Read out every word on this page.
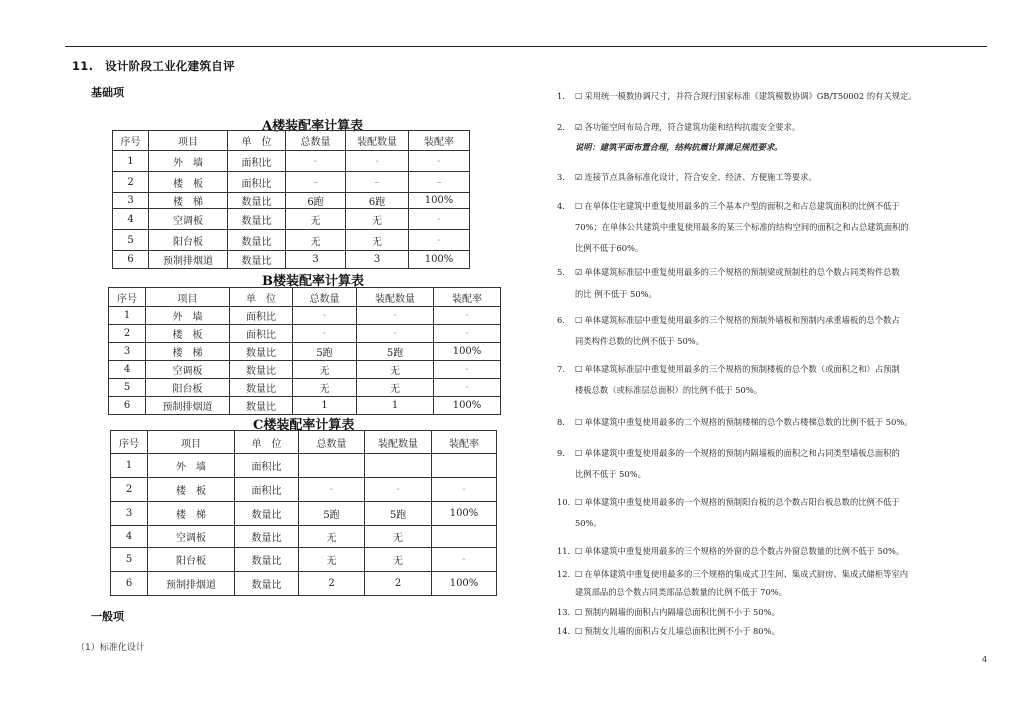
11.　设计阶段工业化建筑自评
基础项
A楼装配率计算表
序号	项目	单　位	总数量	装配数量	装配率
1	外　墙	面积比	-	-	-
2	楼　板	面积比	–	–	–
3	楼　梯	数量比	6跑	6跑	100%
4	空调板	数量比	无	无	-
5	阳台板	数量比	无	无	-
6	预制排烟道	数量比	3	3	100%
B楼装配率计算表
序号	项目	单　位	总数量	装配数量	装配率
1	外　墙	面积比	-	-	-
2	楼　板	面积比	-	-	-
3	楼　梯	数量比	5跑	5跑	100%
4	空调板	数量比	无	无	-
5	阳台板	数量比	无	无	-
6	预制排烟道	数量比	1	1	100%
C楼装配率计算表
序号	项目	单　位	总数量	装配数量	装配率
1	外　墙	面积比			
2	楼　板	面积比	-	-	-
3	楼　梯	数量比	5跑	5跑	100%
4	空调板	数量比	无	无	
5	阳台板	数量比	无	无	-
6	预制排烟道	数量比	2	2	100%
一般项
（1）标准化设计
1. ☐ 采用统一模数协调尺寸，并符合现行国家标准《建筑模数协调》GB/T50002 的有关规定。
2. ☑ 各功能空间布局合理，符合建筑功能和结构抗震安全要求。
说明：建筑平面布置合理，结构抗震计算满足规范要求。
3. ☑ 连接节点具备标准化设计，符合安全、经济、方便施工等要求。
4. ☐ 在单体住宅建筑中重复使用最多的三个基本户型的面积之和占总建筑面积的比例不低于
70%；在单体公共建筑中重复使用最多的某三个标准的结构空间的面积之和占总建筑面积的
比例不低于60%。
5. ☑ 单体建筑标准层中重复使用最多的三个规格的预制梁或预制柱的总个数占同类构件总数
的比 例不低于 50%。
6. ☐ 单体建筑标准层中重复使用最多的三个规格的预制外墙板和预制内承重墙板的总个数占
同类构件总数的比例不低于 50%。
7. ☐ 单体建筑标准层中重复使用最多的三个规格的预制楼板的总个数（或面积之和）占预制
楼板总数（或标准层总面积）的比例不低于 50%。
8. ☐ 单体建筑中重复使用最多的二个规格的预制楼梯的总个数占楼梯总数的比例不低于 50%。
9. ☐ 单体建筑中重复使用最多的一个规格的预制内隔墙板的面积之和占同类型墙板总面积的
比例不低于 50%。
10. ☐ 单体建筑中重复使用最多的一个规格的预制阳台板的总个数占阳台板总数的比例不低于
50%。
11. ☐ 单体建筑中重复使用最多的三个规格的外窗的总个数占外窗总数量的比例不低于 50%。
12. ☐ 在单体建筑中重复使用最多的三个规格的集成式卫生间、集成式厨房、集成式储柜等室内
建筑部品的总个数占同类部品总数量的比例不低于 70%。
13. ☐ 预制内隔墙的面积占内隔墙总面积比例不小于 50%。
14. ☐ 预制女儿墙的面积占女儿墙总面积比例不小于 80%。
4
